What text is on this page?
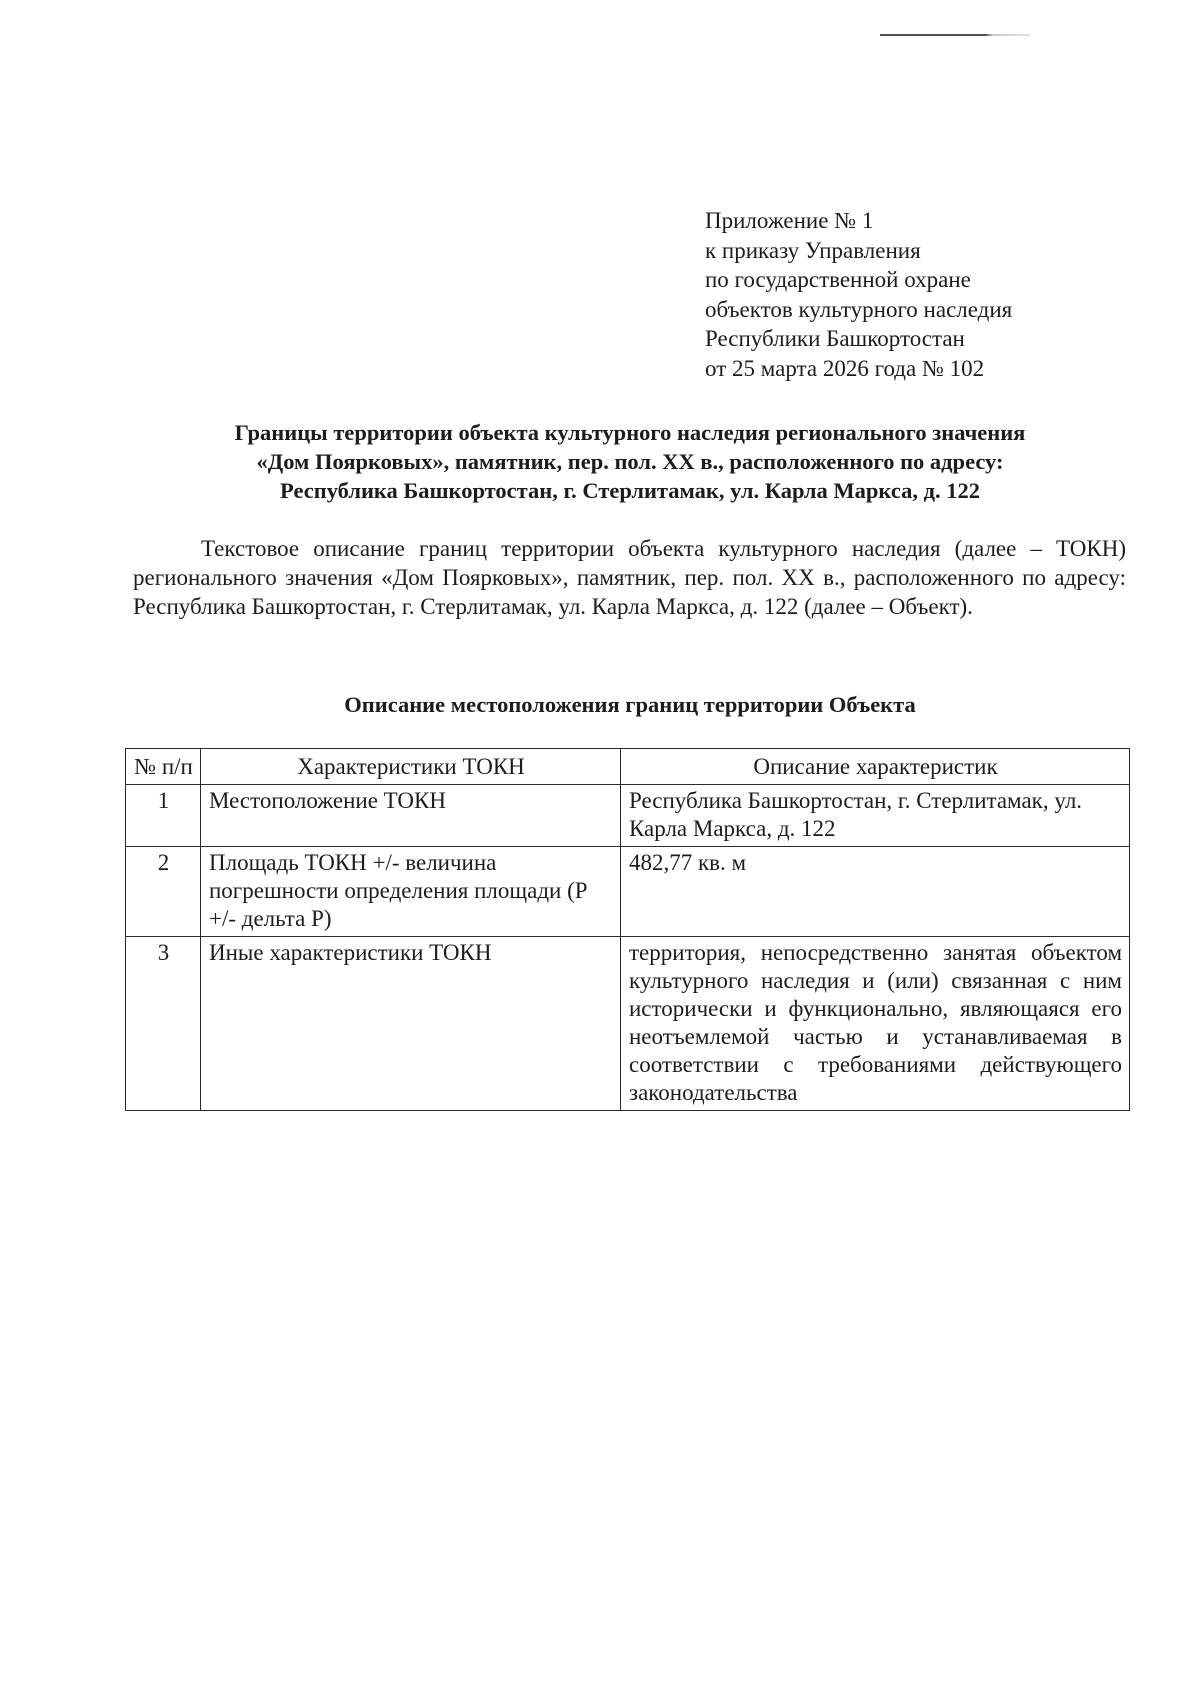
Приложение № 1
к приказу Управления
по государственной охране
объектов культурного наследия
Республики Башкортостан
от 25 марта 2026 года № 102

Границы территории объекта культурного наследия регионального значения
«Дом Поярковых», памятник, пер. пол. XX в., расположенного по адресу:
Республика Башкортостан, г. Стерлитамак, ул. Карла Маркса, д. 122

Текстовое описание границ территории объекта культурного наследия (далее – ТОКН) регионального значения «Дом Поярковых», памятник, пер. пол. XX в., расположенного по адресу: Республика Башкортостан, г. Стерлитамак, ул. Карла Маркса, д. 122 (далее – Объект).

Описание местоположения границ территории Объекта
№ п/п	Характеристики ТОКН	Описание характеристик
1	Местоположение ТОКН	Республика Башкортостан, г. Стерлитамак, ул. Карла Маркса, д. 122
2	Площадь ТОКН +/- величина погрешности определения площади (Р +/- дельта Р)	482,77 кв. м
3	Иные характеристики ТОКН	территория, непосредственно занятая объектом культурного наследия и (или) связанная с ним исторически и функционально, являющаяся его неотъемлемой частью и устанавливаемая в соответствии с требованиями действующего законодательства
